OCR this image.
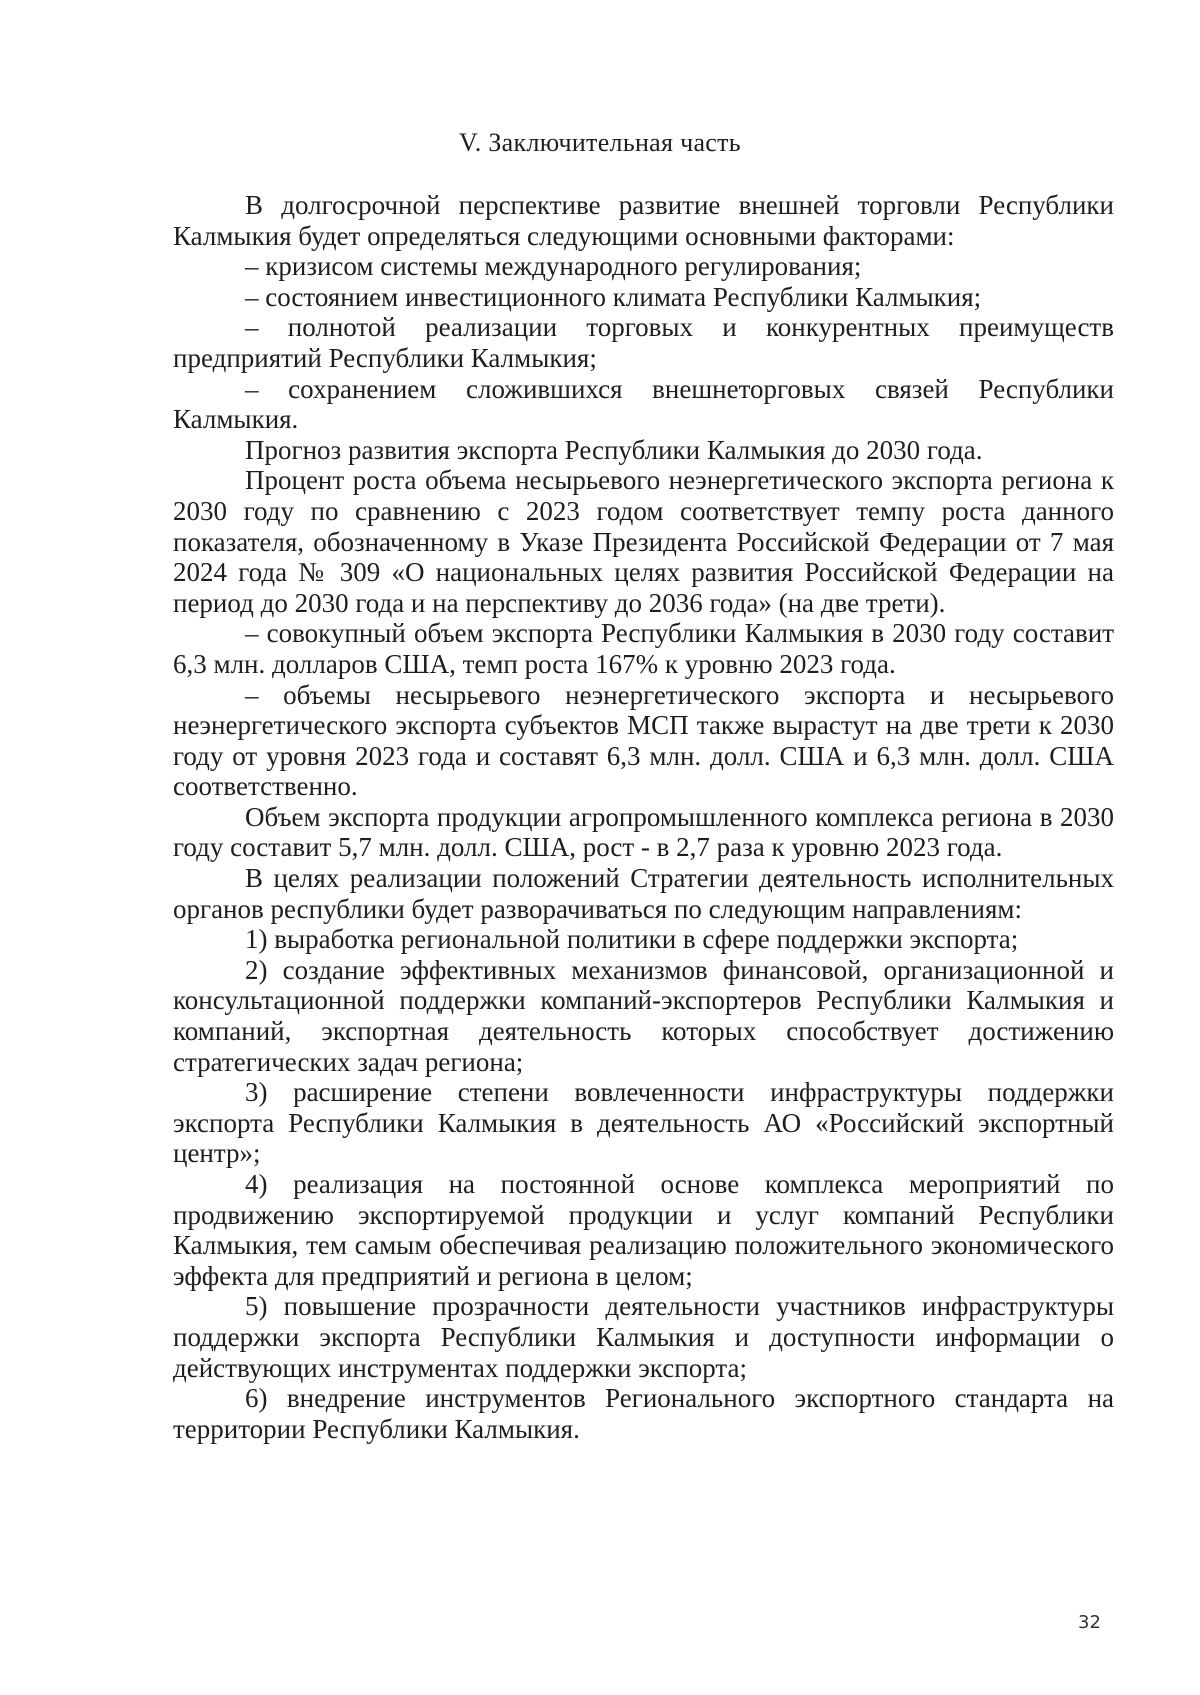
V. Заключительная часть

В долгосрочной перспективе развитие внешней торговли Республики Калмыкия будет определяться следующими основными факторами:

– кризисом системы международного регулирования;

– состоянием инвестиционного климата Республики Калмыкия;

– полнотой реализации торговых и конкурентных преимуществ предприятий Республики Калмыкия;

– сохранением сложившихся внешнеторговых связей Республики Калмыкия.

Прогноз развития экспорта Республики Калмыкия до 2030 года.

Процент роста объема несырьевого неэнергетического экспорта региона к 2030 году по сравнению с 2023 годом соответствует темпу роста данного показателя, обозначенному в Указе Президента Российской Федерации от 7 мая 2024 года № 309 «О национальных целях развития Российской Федерации на период до 2030 года и на перспективу до 2036 года» (на две трети).

– совокупный объем экспорта Республики Калмыкия в 2030 году составит 6,3 млн. долларов США, темп роста 167% к уровню 2023 года.

– объемы несырьевого неэнергетического экспорта и несырьевого неэнергетического экспорта субъектов МСП также вырастут на две трети к 2030 году от уровня 2023 года и составят 6,3 млн. долл. США и 6,3 млн. долл. США соответственно.

Объем экспорта продукции агропромышленного комплекса региона в 2030 году составит 5,7 млн. долл. США, рост - в 2,7 раза к уровню 2023 года.

В целях реализации положений Стратегии деятельность исполнительных органов республики будет разворачиваться по следующим направлениям:

1) выработка региональной политики в сфере поддержки экспорта;

2) создание эффективных механизмов финансовой, организационной и консультационной поддержки компаний-экспортеров Республики Калмыкия и компаний, экспортная деятельность которых способствует достижению стратегических задач региона;

3) расширение степени вовлеченности инфраструктуры поддержки экспорта Республики Калмыкия в деятельность АО «Российский экспортный центр»;

4) реализация на постоянной основе комплекса мероприятий по продвижению экспортируемой продукции и услуг компаний Республики Калмыкия, тем самым обеспечивая реализацию положительного экономического эффекта для предприятий и региона в целом;

5) повышение прозрачности деятельности участников инфраструктуры поддержки экспорта Республики Калмыкия и доступности информации о действующих инструментах поддержки экспорта;

6) внедрение инструментов Регионального экспортного стандарта на территории Республики Калмыкия.

32
